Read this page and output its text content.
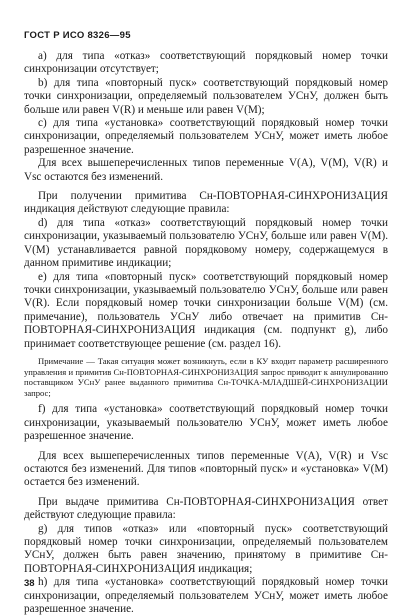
ГОСТ Р ИСО 8326—95

а) для типа «отказ» соответствующий порядковый номер точки синхронизации отсутствует;

b) для типа «повторный пуск» соответствующий порядковый номер точки синхронизации, определяемый пользователем УСнУ, должен быть больше или равен V(R) и меньше или равен V(M);

c) для типа «установка» соответствующий порядковый номер точки синхронизации, определяемый пользователем УСнУ, может иметь любое разрешенное значение.

Для всех вышеперечисленных типов переменные V(A), V(M), V(R) и Vsc остаются без изменений.

При получении примитива Сн-ПОВТОРНАЯ-СИНХРОНИЗАЦИЯ индикация действуют следующие правила:

d) для типа «отказ» соответствующий порядковый номер точки синхронизации, указываемый пользователю УСнУ, больше или равен V(M). V(M) устанавливается равной порядковому номеру, содержащемуся в данном примитиве индикации;

e) для типа «повторный пуск» соответствующий порядковый номер точки синхронизации, указываемый пользователю УСнУ, больше или равен V(R). Если порядковый номер точки синхронизации больше V(M) (см. примечание), пользователь УСнУ либо отвечает на примитив Сн-ПОВТОРНАЯ-СИНХРОНИЗАЦИЯ индикация (см. подпункт g), либо принимает соответствующее решение (см. раздел 16).

Примечание — Такая ситуация может возникнуть, если в КУ входит параметр расширенного управления и примитив Сн-ПОВТОРНАЯ-СИНХРОНИЗАЦИЯ запрос приводит к аннулированию поставщиком УСнУ ранее выданного примитива Сн-ТОЧКА-МЛАДШЕЙ-СИНХРОНИЗАЦИИ запрос;

f) для типа «установка» соответствующий порядковый номер точки синхронизации, указываемый пользователю УСнУ, может иметь любое разрешенное значение.

Для всех вышеперечисленных типов переменные V(A), V(R) и Vsc остаются без изменений. Для типов «повторный пуск» и «установка» V(M) остается без изменений.

При выдаче примитива Сн-ПОВТОРНАЯ-СИНХРОНИЗАЦИЯ ответ действуют следующие правила:

g) для типов «отказ» или «повторный пуск» соответствующий порядковый номер точки синхронизации, определяемый пользователем УСнУ, должен быть равен значению, принятому в примитиве Сн-ПОВТОРНАЯ-СИНХРОНИЗАЦИЯ индикация;

h) для типа «установка» соответствующий порядковый номер точки синхронизации, определяемый пользователем УСнУ, может иметь любое разрешенное значение.

38
